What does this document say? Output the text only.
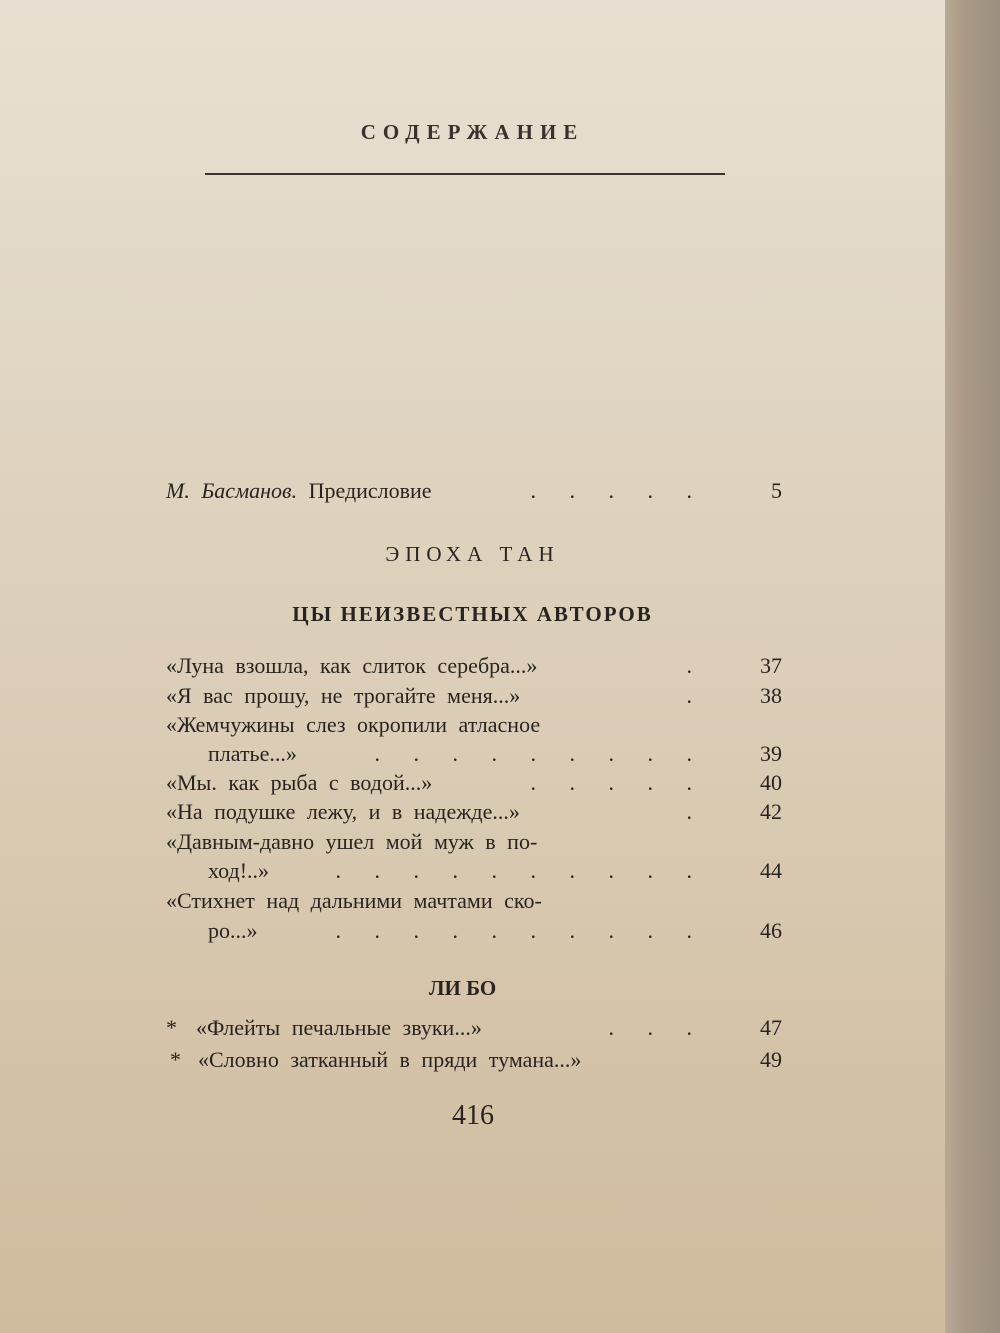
СОДЕРЖАНИЕ
М. Басманов. Предисловие	. . . . .	5
ЭПОХА ТАН
ЦЫ НЕИЗВЕСТНЫХ АВТОРОВ
«Луна взошла, как слиток серебра...»	.	37
«Я вас прошу, не трогайте меня...»	.	38
«Жемчужины слез окропили атласное
платье...»	. . . . . . . . .	39
«Мы. как рыба с водой...»	. . . . .	40
«На подушке лежу, и в надежде...»	.	42
«Давным-давно ушел мой муж в по-
ход!..»	. . . . . . . . . .	44
«Стихнет над дальними мачтами ско-
ро...»	. . . . . . . . . .	46
ЛИ БО
* «Флейты печальные звуки...»	. . .	47
* «Словно затканный в пряди тумана...»	49
416
